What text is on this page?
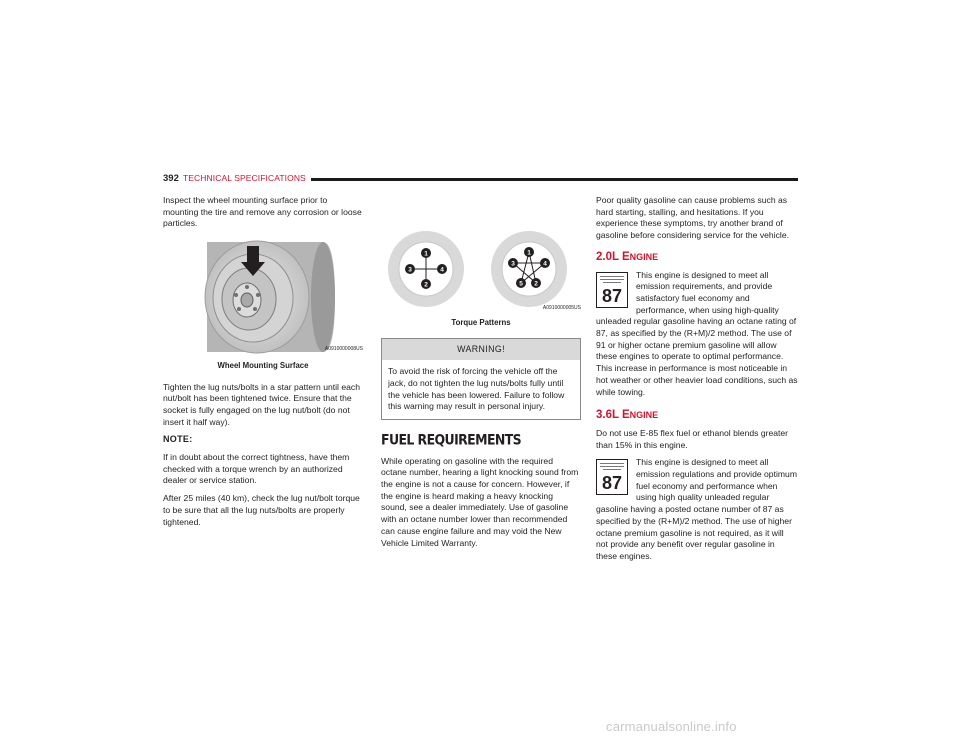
392 TECHNICAL SPECIFICATIONS

Inspect the wheel mounting surface prior to mounting the tire and remove any corrosion or loose particles.

A0910000008US
Wheel Mounting Surface

Tighten the lug nuts/bolts in a star pattern until each nut/bolt has been tightened twice. Ensure that the socket is fully engaged on the lug nut/bolt (do not insert it half way).

NOTE:

If in doubt about the correct tightness, have them checked with a torque wrench by an authorized dealer or service station.

After 25 miles (40 km), check the lug nut/bolt torque to be sure that all the lug nuts/bolts are properly tightened.

1
4
2
3
1
4
2
5
3
A0910000005US
Torque Patterns
WARNING!
To avoid the risk of forcing the vehicle off the jack, do not tighten the lug nuts/bolts fully until the vehicle has been lowered. Failure to follow this warning may result in personal injury.
FUEL REQUIREMENTS

While operating on gasoline with the required octane number, hearing a light knocking sound from the engine is not a cause for concern. However, if the engine is heard making a heavy knocking sound, see a dealer immediately. Use of gasoline with an octane number lower than recommended can cause engine failure and may void the New Vehicle Limited Warranty.

Poor quality gasoline can cause problems such as hard starting, stalling, and hesitations. If you experience these symptoms, try another brand of gasoline before considering service for the vehicle.

2.0L ENGINE
87
This engine is designed to meet all emission requirements, and provide satisfactory fuel economy and performance, when using high-quality unleaded regular gasoline having an octane rating of 87, as specified by the (R+M)/2 method. The use of 91 or higher octane premium gasoline will allow these engines to operate to optimal performance. This increase in performance is most noticeable in hot weather or other heavier load conditions, such as while towing.
3.6L ENGINE

Do not use E-85 flex fuel or ethanol blends greater than 15% in this engine.

87
This engine is designed to meet all emission regulations and provide optimum fuel economy and performance when using high quality unleaded regular gasoline having a posted octane number of 87 as specified by the (R+M)/2 method. The use of higher octane premium gasoline is not required, as it will not provide any benefit over regular gasoline in these engines.
carmanualsonline.info
